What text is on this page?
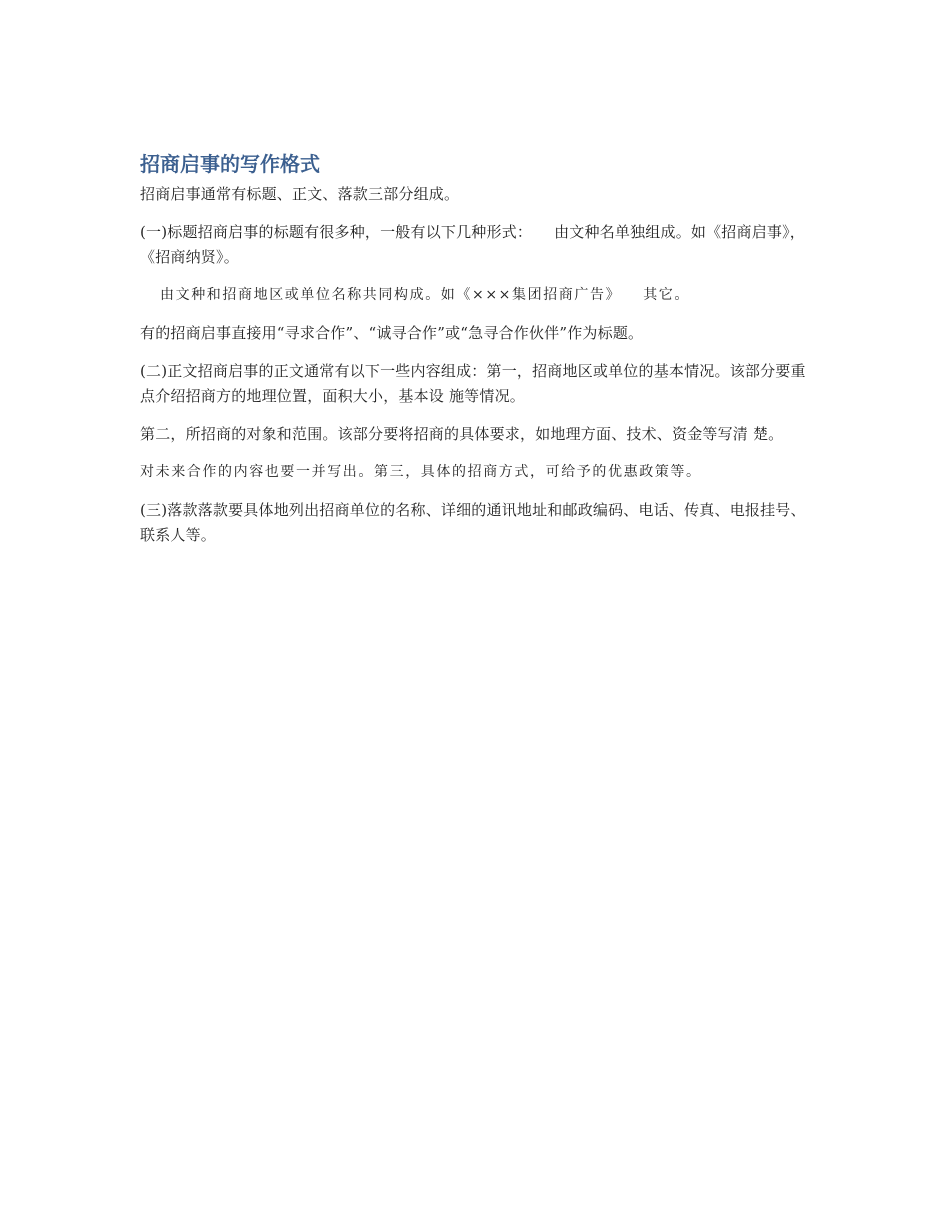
招商启事的写作格式

招商启事通常有标题、正文、落款三部分组成。

(一)标题招商启事的标题有很多种，一般有以下几种形式： 由文种名单独组成。如《招商启事》，《招商纳贤》。

由文种和招商地区或单位名称共同构成。如《×××集团招商广告》 其它。

有的招商启事直接用“寻求合作”、“诚寻合作”或“急寻合作伙伴”作为标题。

(二)正文招商启事的正文通常有以下一些内容组成：第一，招商地区或单位的基本情况。该部分要重点介绍招商方的地理位置，面积大小，基本设 施等情况。

第二，所招商的对象和范围。该部分要将招商的具体要求，如地理方面、技术、资金等写清 楚。

对未来合作的内容也要一并写出。第三，具体的招商方式，可给予的优惠政策等。

(三)落款落款要具体地列出招商单位的名称、详细的通讯地址和邮政编码、电话、传真、电报挂号、 联系人等。
